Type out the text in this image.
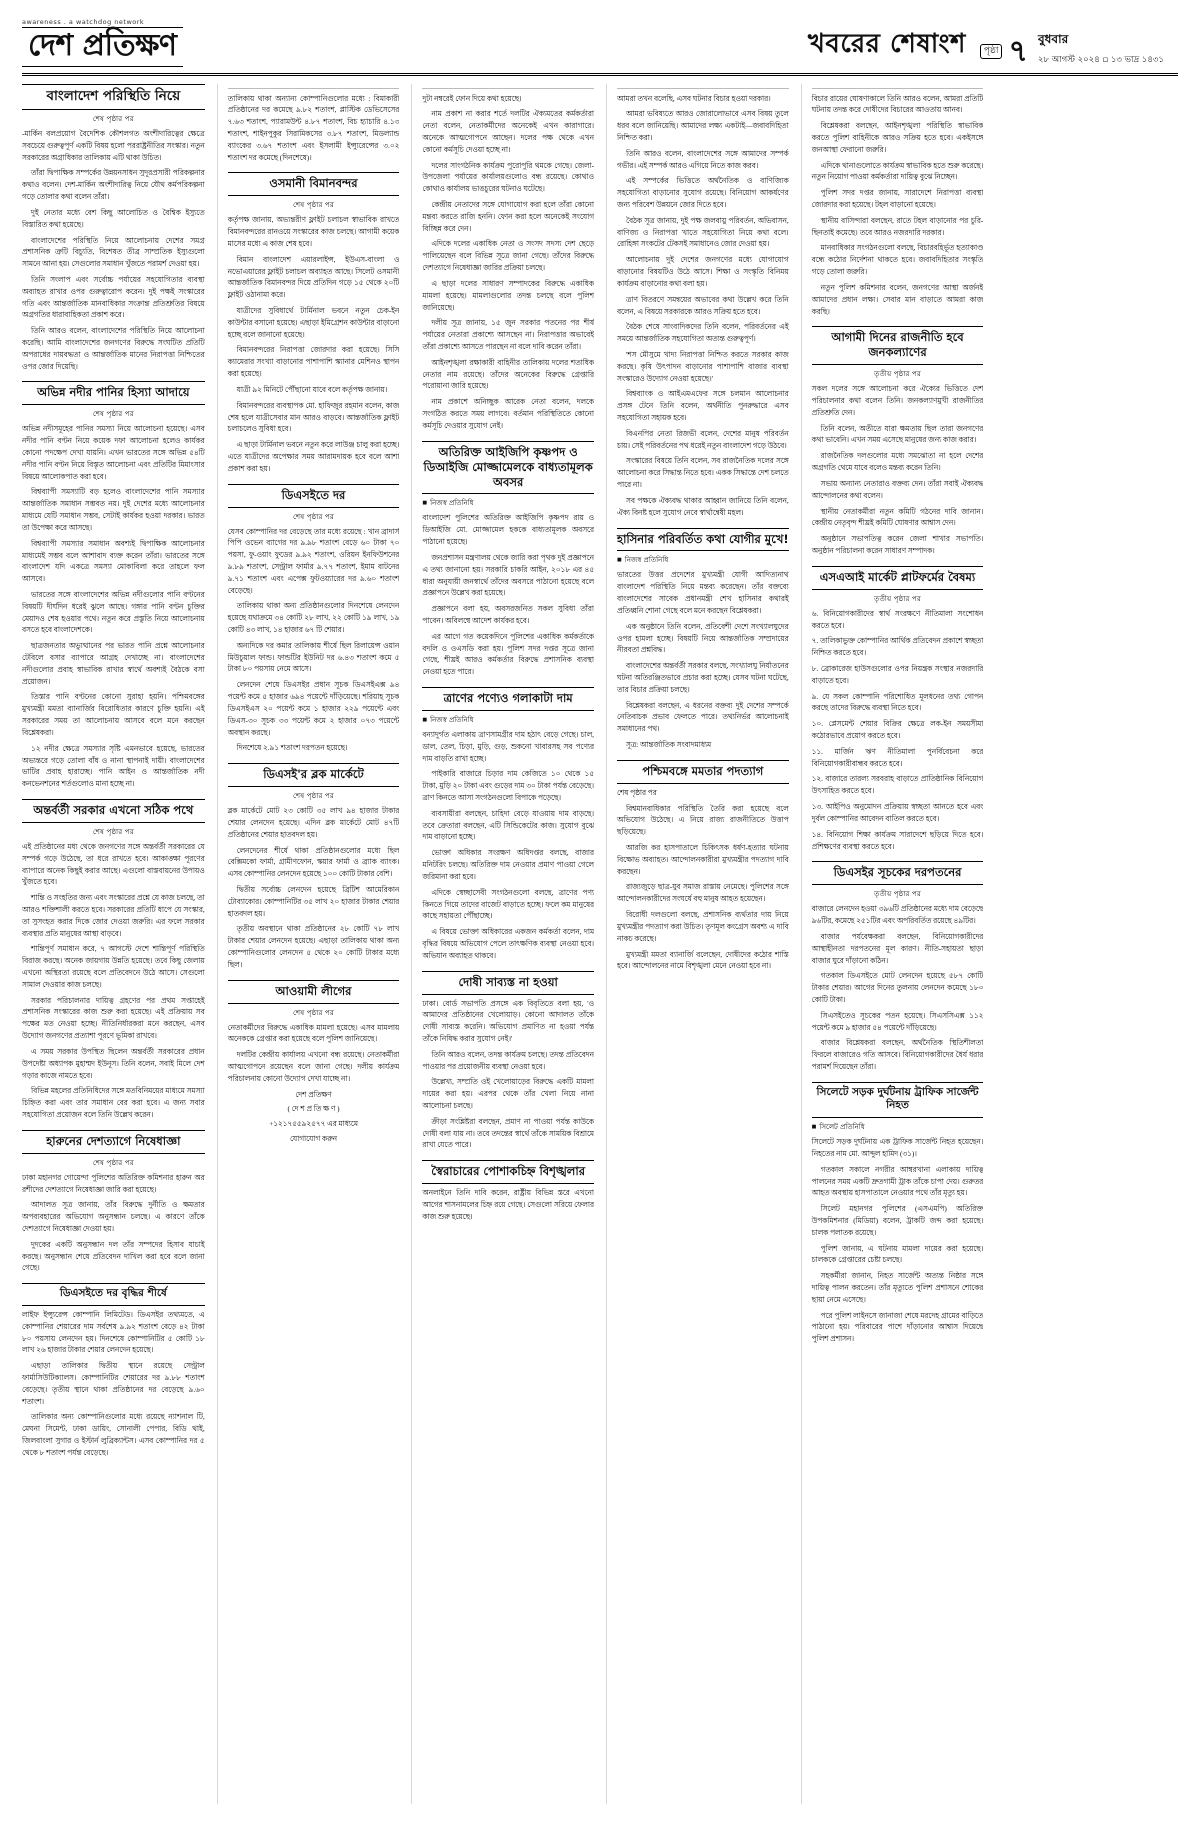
awareness . a watchdog network
দেশ প্রতিক্ষণ	খবরের শেষাংশ	পৃষ্ঠা ৭ বুধবার
২৮ আগস্ট ২০২৪ ▫ ১৩ ভাদ্র ১৪৩১
বাংলাদেশ পরিস্থিতি নিয়ে
শেষ পৃষ্ঠার পর

-মার্কিন বলপ্রয়োগ বৈদেশিক কৌশলগত অংশীদারিত্বের ক্ষেত্রে সবচেয়ে গুরুত্বপূর্ণ একটি বিষয় হলো পররাষ্ট্রনীতির সংস্কার। নতুন সরকারের অগ্রাধিকার তালিকায় এটি থাকা উচিত।

তাঁরা দ্বিপাক্ষিক সম্পর্কের উন্নয়নসাধন সুদূরপ্রসারী পরিকল্পনার কথাও বলেন। দেশ-মার্কিন অংশীদারিত্ব নিয়ে যৌথ কর্মপরিকল্পনা গড়ে তোলার কথা বলেন তাঁরা।

দুই নেতার মধ্যে বেশ কিছু আলোচিত ও বৈশ্বিক ইস্যুতে বিস্তারিত কথা হয়েছে।

বাংলাদেশের পরিস্থিতি নিয়ে আলোচনায় দেশের সমগ্র প্রশাসনিক ত্রুটি বিচ্যুতি, বিশেষত তীব্র সাম্প্রতিক ইস্যুগুলো সামনে আনা হয়। সেগুলোর সমাধান খুঁজতে পরামর্শ দেওয়া হয়।

তিনি সংলাপ এবং সর্বোচ্চ পর্যায়ের সহযোগিতার ব্যবস্থা অব্যাহত রাখার ওপর গুরুত্বারোপ করেন। দুই পক্ষই সংস্কারের গতি এবং আন্তর্জাতিক মানবাধিকার সংক্রান্ত প্রতিশ্রুতির বিষয়ে অগ্রগতির ধারাবাহিকতা প্রকাশ করে।

তিনি আরও বলেন, বাংলাদেশের পরিস্থিতি নিয়ে আলোচনা করেছি। আমি বাংলাদেশের জনগণের বিরুদ্ধে সংঘটিত প্রতিটি অপরাধের দায়বদ্ধতা ও আন্তর্জাতিক মানের নিরাপত্তা নিশ্চিতের ওপর জোর দিয়েছি।

অভিন্ন নদীর পানির হিস্যা আদায়ে
শেষ পৃষ্ঠার পর

অভিন্ন নদীসমূহের পানির সমস্যা নিয়ে আলোচনা হয়েছে। এসব নদীর পানি বণ্টন নিয়ে কয়েক দফা আলোচনা হলেও কার্যকর কোনো পদক্ষেপ দেখা যায়নি। এখন ভারতের সঙ্গে অভিন্ন ৫৪টি নদীর পানি বণ্টন নিয়ে বিস্তৃত আলোচনা এবং প্রতিটির মিমাংসার বিষয়ে আলোকপাত করা হবে।

বিশ্বব্যাপী সমস্যাটি বড় হলেও বাংলাদেশের পানি সমস্যার আন্তর্জাতিক সমাধান সম্ভবত নয়। দুই দেশের মধ্যে আলোচনার মাধ্যমে যেটি সমাধান সম্ভব, সেটাই কার্যকর হওয়া দরকার। ভারত তা উপেক্ষা করে আসছে।

বিশ্বব্যাপী সমস্যার সমাধান অবশ্যই দ্বিপাক্ষিক আলোচনার মাধ্যমেই সম্ভব বলে আশাবাদ ব্যক্ত করেন তাঁরা। ভারতের সঙ্গে বাংলাদেশ যদি একত্রে সমস্যা মোকাবিলা করে তাহলে ফল আসবে।

ভারতের সঙ্গে বাংলাদেশের অভিন্ন নদীগুলোর পানি বণ্টনের বিষয়টি দীর্ঘদিন ধরেই ঝুলে আছে। গঙ্গার পানি বণ্টন চুক্তির মেয়াদও শেষ হওয়ার পথে। নতুন করে প্রস্তুতি নিয়ে আলোচনায় বসতে হবে বাংলাদেশকে।

ছাত্রজনতার অভ্যুত্থানের পর ভারত পানি প্রশ্নে আলোচনার টেবিলে বসার ব্যাপারে আগ্রহ দেখাচ্ছে না। বাংলাদেশের নদীগুলোর প্রবাহ স্বাভাবিক রাখার স্বার্থে অবশ্যই বৈঠকে বসা প্রয়োজন।

তিস্তার পানি বণ্টনের কোনো সুরাহা হয়নি। পশ্চিমবঙ্গের মুখ্যমন্ত্রী মমতা ব্যানার্জির বিরোধিতার কারণে চুক্তি হয়নি। এই সরকারের সময় তা আলোচনায় আসবে বলে মনে করছেন বিশ্লেষকরা।

১২ নদীর ক্ষেত্রে সমস্যার সৃষ্টি এমনভাবে হয়েছে, ভারতের অভ্যন্তরে গড়ে তোলা বাঁধ ও নানা স্থাপনাই দায়ী। বাংলাদেশের ভাটির প্রবাহ হারাচ্ছে। পানি আইন ও আন্তর্জাতিক নদী কনভেনশনের শর্তগুলোও মানা হচ্ছে না।

অন্তর্বর্তী সরকার এখনো সঠিক পথে
শেষ পৃষ্ঠার পর

এই প্রতিষ্ঠানের মধ্য থেকে জনগণের সঙ্গে অন্তর্বর্তী সরকারের যে সম্পর্ক গড়ে উঠেছে, তা ধরে রাখতে হবে। আকাঙ্ক্ষা পূরণের ব্যাপারে অনেক কিছুই করার আছে। এগুলো বাস্তবায়নের উপায়ও খুঁজতে হবে।

শান্তি ও সংহতির জন্য এবং সংস্কারের প্রশ্নে যে কাজ চলছে, তা আরও শক্তিশালী করতে হবে। সরকারের প্রতিটি ধাপে যে সংস্কার, তা সুসংহত করার দিকে জোর দেওয়া জরুরি। এর ফলে সরকার ব্যবস্থার প্রতি মানুষের আস্থা বাড়বে।

শান্তিপূর্ণ সমাধান করে, ৭ আগস্টে দেশে শান্তিপূর্ণ পরিস্থিতি বিরাজ করছে। অনেক জায়গায় উন্নতি হয়েছে। তবে কিছু জেলায় এখনো অস্থিরতা রয়েছে বলে প্রতিবেদনে উঠে আসে। সেগুলো সামাল দেওয়ার কাজ চলছে।

সরকার পরিচালনার দায়িত্ব গ্রহণের পর প্রথম সপ্তাহেই প্রশাসনিক সংস্কারের কাজ শুরু করা হয়েছে। এই প্রক্রিয়ায় সব পক্ষের মত নেওয়া হচ্ছে। নীতিনির্ধারকরা মনে করছেন, এসব উদ্যোগ জনগণের প্রত্যাশা পূরণে ভূমিকা রাখবে।

এ সময় সরকার উপস্থিত ছিলেন অন্তর্বর্তী সরকারের প্রধান উপদেষ্টা অধ্যাপক মুহাম্মদ ইউনূস। তিনি বলেন, সবাই মিলে দেশ গড়ার কাজে নামতে হবে।

বিভিন্ন মহলের প্রতিনিধিদের সঙ্গে মতবিনিময়ের মাধ্যমে সমস্যা চিহ্নিত করা এবং তার সমাধান বের করা হবে। এ জন্য সবার সহযোগিতা প্রয়োজন বলে তিনি উল্লেখ করেন।

হারুনের দেশত্যাগে নিষেধাজ্ঞা
শেষ পৃষ্ঠার পর

ঢাকা মহানগর গোয়েন্দা পুলিশের অতিরিক্ত কমিশনার হারুন অর রশীদের দেশত্যাগে নিষেধাজ্ঞা জারি করা হয়েছে।

আদালত সূত্র জানায়, তাঁর বিরুদ্ধে দুর্নীতি ও ক্ষমতার অপব্যবহারের অভিযোগ অনুসন্ধান চলছে। এ কারণে তাঁকে দেশত্যাগে নিষেধাজ্ঞা দেওয়া হয়।

দুদকের একটি অনুসন্ধান দল তাঁর সম্পদের হিসাব যাচাই করছে। অনুসন্ধান শেষে প্রতিবেদন দাখিল করা হবে বলে জানা গেছে।

ডিএসইতে দর বৃদ্ধির শীর্ষে

লাইফ ইন্স্যুরেন্স কোম্পানি লিমিটেড। ডিএসইর তথ্যমতে, এ কোম্পানির শেয়ারের দাম সর্বশেষ ৯.৯২ শতাংশ বেড়ে ৪২ টাকা ৮০ পয়সায় লেনদেন হয়। দিনশেষে কোম্পানিটির ৫ কোটি ১৮ লাখ ২৬ হাজার টাকার শেয়ার লেনদেন হয়েছে।

এছাড়া তালিকার দ্বিতীয় স্থানে রয়েছে সেন্ট্রাল ফার্মাসিউটিক্যালস। কোম্পানিটির শেয়ারের দর ৯.৮৮ শতাংশ বেড়েছে। তৃতীয় স্থানে থাকা প্রতিষ্ঠানের দর বেড়েছে ৯.৬০ শতাংশ।

তালিকার অন্য কোম্পানিগুলোর মধ্যে রয়েছে ন্যাশনাল টি, মেঘনা সিমেন্ট, ঢাকা ডায়িং, সোনালী পেপার, বিডি থাই, জিলবাংলা সুগার ও ইস্টার্ন লুব্রিক্যান্টস। এসব কোম্পানির দর ৫ থেকে ৮ শতাংশ পর্যন্ত বেড়েছে।

তালিকায় থাকা অন্যান্য কোম্পানিগুলোর মধ্যে : বিমাকারী প্রতিষ্ঠানের দর কমেছে ৯.৮২ শতাংশ, প্লাস্টিক ডেভিসেসের ৭.৬৩ শতাংশ, প্যারামউন্ট ৪.৮৭ শতাংশ, বিচ হ্যাচারি ৪.১৩ শতাংশ, শাইনপুকুর সিরামিকসের ৩.৮৭ শতাংশ, মিডল্যান্ড ব্যাংকের ৩.৬৭ শতাংশ এবং ইসলামী ইন্স্যুরেন্সের ৩.০২ শতাংশ দর কমেছে (দিনশেষে)।

ওসমানী বিমানবন্দর
শেষ পৃষ্ঠার পর

কর্তৃপক্ষ জানায়, অভ্যন্তরীণ ফ্লাইট চলাচল স্বাভাবিক রাখতে বিমানবন্দরের রানওয়ে সংস্কারের কাজ চলছে। আগামী কয়েক মাসের মধ্যে এ কাজ শেষ হবে।

বিমান বাংলাদেশ এয়ারলাইন্স, ইউএস-বাংলা ও নভোএয়ারের ফ্লাইট চলাচল অব্যাহত আছে। সিলেট ওসমানী আন্তর্জাতিক বিমানবন্দর দিয়ে প্রতিদিন গড়ে ১৫ থেকে ২০টি ফ্লাইট ওঠানামা করে।

যাত্রীদের সুবিধার্থে টার্মিনাল ভবনে নতুন চেক-ইন কাউন্টার বসানো হয়েছে। এছাড়া ইমিগ্রেশন কাউন্টার বাড়ানো হচ্ছে বলে জানানো হয়েছে।

বিমানবন্দরের নিরাপত্তা জোরদার করা হয়েছে। সিসি ক্যামেরার সংখ্যা বাড়ানোর পাশাপাশি স্ক্যানার মেশিনও স্থাপন করা হয়েছে।

যাত্রী ৯২ মিনিটে পৌঁছানো যাবে বলে কর্তৃপক্ষ জানায়।

বিমানবন্দরের ব্যবস্থাপক মো. হাফিজুর রহমান বলেন, কাজ শেষ হলে যাত্রীসেবার মান আরও বাড়বে। আন্তর্জাতিক ফ্লাইট চলাচলেও সুবিধা হবে।

এ ছাড়া টার্মিনাল ভবনে নতুন করে লাউঞ্জ চালু করা হচ্ছে। এতে যাত্রীদের অপেক্ষার সময় আরামদায়ক হবে বলে আশা প্রকাশ করা হয়।

ডিএসইতে দর
শেষ পৃষ্ঠার পর

যেসব কোম্পানির দর বেড়েছে তার মধ্যে রয়েছে : খান ব্রাদার্স পিপি ওভেন ব্যাগের দর ৯.৯৮ শতাংশ বেড়ে ৬০ টাকা ৭০ পয়সা, ফু-ওয়াং ফুডের ৯.৯২ শতাংশ, ওরিয়ন ইনফিউশনের ৯.৮৯ শতাংশ, সেন্ট্রাল ফার্মার ৯.৭৭ শতাংশ, ইমাম বাটনের ৯.৭১ শতাংশ এবং এপেক্স ফুটওয়্যারের দর ৯.৬০ শতাংশ বেড়েছে।

তালিকায় থাকা অন্য প্রতিষ্ঠানগুলোর দিনশেষে লেনদেন হয়েছে যথাক্রমে ৩৪ কোটি ২৮ লাখ, ২২ কোটি ১৯ লাখ, ১৯ কোটি ৪৩ লাখ, ১৪ হাজার ৬৭ টি শেয়ার।

অন্যদিকে দর কমার তালিকায় শীর্ষে ছিল রিলায়েন্স ওয়ান মিউচুয়াল ফান্ড। ফান্ডটির ইউনিট দর ৬.৪৩ শতাংশ কমে ৫ টাকা ৮০ পয়সায় নেমে আসে।

লেনদেন শেষে ডিএসইর প্রধান সূচক ডিএসইএক্স ৯৪ পয়েন্ট কমে ৫ হাজার ৬৯৪ পয়েন্টে দাঁড়িয়েছে। শরিয়াহ সূচক ডিএসইএস ২০ পয়েন্ট কমে ১ হাজার ২২৯ পয়েন্টে এবং ডিএস-৩০ সূচক ৩৩ পয়েন্ট কমে ২ হাজার ০৭৩ পয়েন্টে অবস্থান করছে।

দিনশেষে ২.৯১ শতাংশ দরপতন হয়েছে।

ডিএসই'র ব্লক মার্কেটে
শেষ পৃষ্ঠার পর

ব্লক মার্কেটে মোট ২৩ কোটি ৩৫ লাখ ৯৪ হাজার টাকার শেয়ার লেনদেন হয়েছে। এদিন ব্লক মার্কেটে মোট ৪৭টি প্রতিষ্ঠানের শেয়ার হাতবদল হয়।

লেনদেনের শীর্ষে থাকা প্রতিষ্ঠানগুলোর মধ্যে ছিল বেক্সিমকো ফার্মা, গ্রামীণফোন, স্কয়ার ফার্মা ও ব্র্যাক ব্যাংক। এসব কোম্পানির লেনদেন হয়েছে ১০০ কোটি টাকার বেশি।

দ্বিতীয় সর্বোচ্চ লেনদেন হয়েছে ব্রিটিশ আমেরিকান টোব্যাকোর। কোম্পানিটির ৩৫ লাখ ২০ হাজার টাকার শেয়ার হাতবদল হয়।

তৃতীয় অবস্থানে থাকা প্রতিষ্ঠানের ২৮ কোটি ৭৮ লাখ টাকার শেয়ার লেনদেন হয়েছে। এছাড়া তালিকায় থাকা অন্য কোম্পানিগুলোর লেনদেন ৫ থেকে ২০ কোটি টাকার মধ্যে ছিল।

আওয়ামী লীগের
শেষ পৃষ্ঠার পর

নেতাকর্মীদের বিরুদ্ধে একাধিক মামলা হয়েছে। এসব মামলায় অনেককে গ্রেপ্তার করা হয়েছে বলে পুলিশ জানিয়েছে।

দলটির কেন্দ্রীয় কার্যালয় এখনো বন্ধ রয়েছে। নেতাকর্মীরা আত্মগোপনে রয়েছেন বলে জানা গেছে। দলীয় কার্যক্রম পরিচালনায় কোনো উদ্যোগ দেখা যাচ্ছে না।

দেশ প্রতিক্ষণ
( দে শ প্র তি ক্ষ ণ )
+১২১৭৫৫৯২৫৭৭ এর মাধ্যমে
যোগাযোগ করুন

দুটা নম্বরেই ফোন দিয়ে কথা হয়েছে।

নাম প্রকাশ না করার শর্তে দলটির ঐক্যমতের কর্মকর্তারা নেতা বলেন, নেতাকর্মীদের অনেকেই এখন কারাগারে। অনেকে আত্মগোপনে আছেন। দলের পক্ষ থেকে এখন কোনো কর্মসূচি দেওয়া হচ্ছে না।

দলের সাংগঠনিক কার্যক্রম পুরোপুরি থমকে গেছে। জেলা-উপজেলা পর্যায়ের কার্যালয়গুলোও বন্ধ রয়েছে। কোথাও কোথাও কার্যালয় ভাঙচুরের ঘটনাও ঘটেছে।

কেন্দ্রীয় নেতাদের সঙ্গে যোগাযোগ করা হলে তাঁরা কোনো মন্তব্য করতে রাজি হননি। ফোন করা হলে অনেকেই সংযোগ বিচ্ছিন্ন করে দেন।

এদিকে দলের একাধিক নেতা ও সংসদ সদস্য দেশ ছেড়ে পালিয়েছেন বলে বিভিন্ন সূত্রে জানা গেছে। তাঁদের বিরুদ্ধে দেশত্যাগে নিষেধাজ্ঞা জারির প্রক্রিয়া চলছে।

এ ছাড়া দলের সাধারণ সম্পাদকের বিরুদ্ধে একাধিক মামলা হয়েছে। মামলাগুলোর তদন্ত চলছে বলে পুলিশ জানিয়েছে।

দলীয় সূত্র জানায়, ১৫ জুন সরকার পতনের পর শীর্ষ পর্যায়ের নেতারা প্রকাশ্যে আসছেন না। নিরাপত্তার অভাবেই তাঁরা প্রকাশ্যে আসতে পারছেন না বলে দাবি করেন তাঁরা।

আইনশৃঙ্খলা রক্ষাকারী বাহিনীর তালিকায় দলের শতাধিক নেতার নাম রয়েছে। তাঁদের অনেকের বিরুদ্ধে গ্রেপ্তারি পরোয়ানা জারি হয়েছে।

নাম প্রকাশে অনিচ্ছুক আরেক নেতা বলেন, দলকে সংগঠিত করতে সময় লাগবে। বর্তমান পরিস্থিতিতে কোনো কর্মসূচি দেওয়ার সুযোগ নেই।

অতিরিক্ত আইজিপি কৃষ্ণপদ ও ডিআইজি মোজ্জামেলকে বাধ্যতামূলক অবসর
■ নিজস্ব প্রতিনিধি

বাংলাদেশ পুলিশের অতিরিক্ত আইজিপি কৃষ্ণপদ রায় ও ডিআইজি মো. মোজ্জামেল হককে বাধ্যতামূলক অবসরে পাঠানো হয়েছে।

জনপ্রশাসন মন্ত্রণালয় থেকে জারি করা পৃথক দুই প্রজ্ঞাপনে এ তথ্য জানানো হয়। সরকারি চাকরি আইন, ২০১৮ এর ৪৫ ধারা অনুযায়ী জনস্বার্থে তাঁদের অবসরে পাঠানো হয়েছে বলে প্রজ্ঞাপনে উল্লেখ করা হয়েছে।

প্রজ্ঞাপনে বলা হয়, অবসরজনিত সকল সুবিধা তাঁরা পাবেন। অবিলম্বে আদেশ কার্যকর হবে।

এর আগে গত কয়েকদিনে পুলিশের একাধিক কর্মকর্তাকে বদলি ও ওএসডি করা হয়। পুলিশ সদর দপ্তর সূত্রে জানা গেছে, শীঘ্রই আরও কর্মকর্তার বিরুদ্ধে প্রশাসনিক ব্যবস্থা নেওয়া হতে পারে।

ত্রাণের পণ্যেও গলাকাটা দাম
■ নিজস্ব প্রতিনিধি

বন্যাদুর্গত এলাকায় ত্রাণসামগ্রীর দাম হঠাৎ বেড়ে গেছে। চাল, ডাল, তেল, চিড়া, মুড়ি, গুড়, শুকনো খাবারসহ সব পণ্যের দাম বাড়তি রাখা হচ্ছে।

পাইকারি বাজারে চিড়ার দাম কেজিতে ১০ থেকে ১৫ টাকা, মুড়ি ২০ টাকা এবং গুড়ের দাম ৩০ টাকা পর্যন্ত বেড়েছে। ত্রাণ কিনতে আসা সংগঠনগুলো বিপাকে পড়েছে।

ব্যবসায়ীরা বলছেন, চাহিদা বেড়ে যাওয়ায় দাম বাড়ছে। তবে ক্রেতারা বলছেন, এটি সিন্ডিকেটের কাজ। সুযোগ বুঝে দাম বাড়ানো হচ্ছে।

ভোক্তা অধিকার সংরক্ষণ অধিদপ্তর বলছে, বাজার মনিটরিং চলছে। অতিরিক্ত দাম নেওয়ার প্রমাণ পাওয়া গেলে জরিমানা করা হবে।

এদিকে স্বেচ্ছাসেবী সংগঠনগুলো বলছে, ত্রাণের পণ্য কিনতে গিয়ে তাদের বাজেট বাড়াতে হচ্ছে। ফলে কম মানুষের কাছে সহায়তা পৌঁছাচ্ছে।

এ বিষয়ে ভোক্তা অধিকারের একজন কর্মকর্তা বলেন, দাম বৃদ্ধির বিষয়ে অভিযোগ পেলে তাৎক্ষণিক ব্যবস্থা নেওয়া হবে। অভিযান অব্যাহত থাকবে।

দোষী সাব্যস্ত না হওয়া

ঢাকা। বোর্ড সভাপতি প্রসঙ্গে এক বিবৃতিতে বলা হয়, 'ও আমাদের প্রতিষ্ঠানের খেলোয়াড়। কোনো আদালত তাঁকে দোষী সাব্যস্ত করেনি। অভিযোগ প্রমাণিত না হওয়া পর্যন্ত তাঁকে নিষিদ্ধ করার সুযোগ নেই।'

তিনি আরও বলেন, তদন্ত কার্যক্রম চলছে। তদন্ত প্রতিবেদন পাওয়ার পর প্রয়োজনীয় ব্যবস্থা নেওয়া হবে।

উল্লেখ্য, সম্প্রতি ওই খেলোয়াড়ের বিরুদ্ধে একটি মামলা দায়ের করা হয়। এরপর থেকে তাঁর খেলা নিয়ে নানা আলোচনা চলছে।

ক্রীড়া সংশ্লিষ্টরা বলছেন, প্রমাণ না পাওয়া পর্যন্ত কাউকে দোষী বলা যায় না। তবে তদন্তের স্বার্থে তাঁকে সাময়িক বিশ্রামে রাখা যেতে পারে।

স্বৈরাচারের পোশাকচিহ্ন বিশৃঙ্খলার

অনলাইনে তিনি দাবি করেন, রাষ্ট্রীয় বিভিন্ন স্তরে এখনো আগের শাসনামলের চিহ্ন রয়ে গেছে। সেগুলো সরিয়ে ফেলার কাজ শুরু হয়েছে।

আমরা তখন বলেছি, এসব ঘটনার বিচার হওয়া দরকার।

আমরা ভবিষ্যতে আরও জোরালোভাবে এসব বিষয় তুলে ধরব বলে জানিয়েছি। আমাদের লক্ষ্য একটাই—জবাবদিহিতা নিশ্চিত করা।

তিনি আরও বলেন, বাংলাদেশের সঙ্গে আমাদের সম্পর্ক গভীর। এই সম্পর্ক আরও এগিয়ে নিতে কাজ করব।

এই সম্পর্কের ভিত্তিতে অর্থনৈতিক ও বাণিজ্যিক সহযোগিতা বাড়ানোর সুযোগ রয়েছে। বিনিয়োগ আকর্ষণের জন্য পরিবেশ উন্নয়নে জোর দিতে হবে।

বৈঠক সূত্র জানায়, দুই পক্ষ জলবায়ু পরিবর্তন, অভিবাসন, বাণিজ্য ও নিরাপত্তা খাতে সহযোগিতা নিয়ে কথা বলে। রোহিঙ্গা সংকটের টেকসই সমাধানেও জোর দেওয়া হয়।

আলোচনায় দুই দেশের জনগণের মধ্যে যোগাযোগ বাড়ানোর বিষয়টিও উঠে আসে। শিক্ষা ও সংস্কৃতি বিনিময় কার্যক্রম বাড়ানোর কথা বলা হয়।

ত্রাণ বিতরণে সমন্বয়ের অভাবের কথা উল্লেখ করে তিনি বলেন, এ বিষয়ে সরকারকে আরও সক্রিয় হতে হবে।

বৈঠক শেষে সাংবাদিকদের তিনি বলেন, পরিবর্তনের এই সময়ে আন্তর্জাতিক সহযোগিতা অত্যন্ত গুরুত্বপূর্ণ।

'শস মৌসুমে খাদ্য নিরাপত্তা নিশ্চিত করতে সরকার কাজ করছে। কৃষি উৎপাদন বাড়ানোর পাশাপাশি বাজার ব্যবস্থা সংস্কারেও উদ্যোগ নেওয়া হয়েছে।'

বিশ্বব্যাংক ও আইএমএফের সঙ্গে চলমান আলোচনার প্রসঙ্গ টেনে তিনি বলেন, অর্থনীতি পুনরুদ্ধারে এসব সহযোগিতা সহায়ক হবে।

বিএনপির নেতা রিজভী বলেন, দেশের মানুষ পরিবর্তন চায়। সেই পরিবর্তনের পথ ধরেই নতুন বাংলাদেশ গড়ে উঠবে।

সংস্কারের বিষয়ে তিনি বলেন, সব রাজনৈতিক দলের সঙ্গে আলোচনা করে সিদ্ধান্ত নিতে হবে। একক সিদ্ধান্তে দেশ চলতে পারে না।

সব পক্ষকে ঐক্যবদ্ধ থাকার আহ্বান জানিয়ে তিনি বলেন, ঐক্য বিনষ্ট হলে সুযোগ নেবে স্বার্থান্বেষী মহল।

হাসিনার পরিবর্তিত কথা যোগীর মুখে!
■ নিজস্ব প্রতিনিধি

ভারতের উত্তর প্রদেশের মুখ্যমন্ত্রী যোগী আদিত্যনাথ বাংলাদেশ পরিস্থিতি নিয়ে মন্তব্য করেছেন। তাঁর বক্তব্যে বাংলাদেশের সাবেক প্রধানমন্ত্রী শেখ হাসিনার কথারই প্রতিধ্বনি শোনা গেছে বলে মনে করছেন বিশ্লেষকরা।

এক অনুষ্ঠানে তিনি বলেন, প্রতিবেশী দেশে সংখ্যালঘুদের ওপর হামলা হচ্ছে। বিষয়টি নিয়ে আন্তর্জাতিক সম্প্রদায়ের নীরবতা প্রশ্নবিদ্ধ।

বাংলাদেশের অন্তর্বর্তী সরকার বলছে, সংখ্যালঘু নির্যাতনের ঘটনা অতিরঞ্জিতভাবে প্রচার করা হচ্ছে। যেসব ঘটনা ঘটেছে, তার বিচার প্রক্রিয়া চলছে।

বিশ্লেষকরা বলছেন, এ ধরনের বক্তব্য দুই দেশের সম্পর্কে নেতিবাচক প্রভাব ফেলতে পারে। তথ্যনির্ভর আলোচনাই সমাধানের পথ।

সূত্র: আন্তর্জাতিক সংবাদমাধ্যম

পশ্চিমবঙ্গে মমতার পদত্যাগ

শেষ পৃষ্ঠার পর

বিশ্বমানবাধিকার পরিস্থিতি তৈরি করা হয়েছে বলে অভিযোগ উঠেছে। এ নিয়ে রাজ্য রাজনীতিতে উত্তাপ ছড়িয়েছে।

আরজি কর হাসপাতালে চিকিৎসক ধর্ষণ-হত্যার ঘটনায় বিক্ষোভ অব্যাহত। আন্দোলনকারীরা মুখ্যমন্ত্রীর পদত্যাগ দাবি করছেন।

রাজ্যজুড়ে ছাত্র-যুব সমাজ রাস্তায় নেমেছে। পুলিশের সঙ্গে আন্দোলনকারীদের সংঘর্ষে বহু মানুষ আহত হয়েছেন।

বিরোধী দলগুলো বলছে, প্রশাসনিক ব্যর্থতার দায় নিয়ে মুখ্যমন্ত্রীর পদত্যাগ করা উচিত। তৃণমূল কংগ্রেস অবশ্য এ দাবি নাকচ করেছে।

মুখ্যমন্ত্রী মমতা ব্যানার্জি বলেছেন, দোষীদের কঠোর শাস্তি হবে। আন্দোলনের নামে বিশৃঙ্খলা মেনে নেওয়া হবে না।

বিচার রায়ের ঘোষণাকালে তিনি আরও বলেন, আমরা প্রতিটি ঘটনায় তদন্ত করে দোষীদের বিচারের আওতায় আনব।

বিশ্লেষকরা বলছেন, আইনশৃঙ্খলা পরিস্থিতি স্বাভাবিক করতে পুলিশ বাহিনীকে আরও সক্রিয় হতে হবে। একইসঙ্গে জনআস্থা ফেরানো জরুরি।

এদিকে থানাগুলোতে কার্যক্রম স্বাভাবিক হতে শুরু করেছে। নতুন নিয়োগ পাওয়া কর্মকর্তারা দায়িত্ব বুঝে নিচ্ছেন।

পুলিশ সদর দপ্তর জানায়, সারাদেশে নিরাপত্তা ব্যবস্থা জোরদার করা হয়েছে। টহল বাড়ানো হয়েছে।

স্থানীয় বাসিন্দারা বলছেন, রাতে টহল বাড়ানোর পর চুরি-ছিনতাই কমেছে। তবে আরও নজরদারি দরকার।

মানবাধিকার সংগঠনগুলো বলছে, বিচারবহির্ভূত হত্যাকাণ্ড বন্ধে কঠোর নির্দেশনা থাকতে হবে। জবাবদিহিতার সংস্কৃতি গড়ে তোলা জরুরি।

নতুন পুলিশ কমিশনার বলেন, জনগণের আস্থা অর্জনই আমাদের প্রধান লক্ষ্য। সেবার মান বাড়াতে আমরা কাজ করছি।

আগামী দিনের রাজনীতি হবে জনকল্যাণের
তৃতীয় পৃষ্ঠার পর

সকল দলের সঙ্গে আলোচনা করে ঐক্যের ভিত্তিতে দেশ পরিচালনার কথা বলেন তিনি। জনকল্যাণমুখী রাজনীতির প্রতিশ্রুতি দেন।

তিনি বলেন, অতীতে যারা ক্ষমতায় ছিল তারা জনগণের কথা ভাবেনি। এখন সময় এসেছে মানুষের জন্য কাজ করার।

রাজনৈতিক দলগুলোর মধ্যে সমঝোতা না হলে দেশের অগ্রগতি থেমে যাবে বলেও মন্তব্য করেন তিনি।

সভায় অন্যান্য নেতারাও বক্তব্য দেন। তাঁরা সবাই ঐক্যবদ্ধ আন্দোলনের কথা বলেন।

স্থানীয় নেতাকর্মীরা নতুন কমিটি গঠনের দাবি জানান। কেন্দ্রীয় নেতৃবৃন্দ শীঘ্রই কমিটি ঘোষণার আশ্বাস দেন।

অনুষ্ঠানে সভাপতিত্ব করেন জেলা শাখার সভাপতি। অনুষ্ঠান পরিচালনা করেন সাধারণ সম্পাদক।

এসএআই মার্কেট প্লাটফর্মের বৈষম্য
তৃতীয় পৃষ্ঠার পর
৬. বিনিয়োগকারীদের স্বার্থ সংরক্ষণে নীতিমালা সংশোধন করতে হবে।
৭. তালিকাভুক্ত কোম্পানির আর্থিক প্রতিবেদন প্রকাশে স্বচ্ছতা নিশ্চিত করতে হবে।
৮. ব্রোকারেজ হাউসগুলোর ওপর নিয়ন্ত্রক সংস্থার নজরদারি বাড়াতে হবে।
৯. যে সকল কোম্পানি পরিশোধিত মূলধনের তথ্য গোপন করছে তাদের বিরুদ্ধে ব্যবস্থা নিতে হবে।
১০. প্লেসমেন্ট শেয়ার বিক্রির ক্ষেত্রে লক-ইন সময়সীমা কঠোরভাবে প্রয়োগ করতে হবে।
১১. মার্জিন ঋণ নীতিমালা পুনর্বিবেচনা করে বিনিয়োগকারীবান্ধব করতে হবে।
১২. বাজারে তারল্য সরবরাহ বাড়াতে প্রাতিষ্ঠানিক বিনিয়োগ উৎসাহিত করতে হবে।
১৩. আইপিও অনুমোদন প্রক্রিয়ায় স্বচ্ছতা আনতে হবে এবং দুর্বল কোম্পানির আবেদন বাতিল করতে হবে।
১৪. বিনিয়োগ শিক্ষা কার্যক্রম সারাদেশে ছড়িয়ে দিতে হবে। প্রশিক্ষণের ব্যবস্থা করতে হবে।
ডিএসইর সূচকের দরপতনের
তৃতীয় পৃষ্ঠার পর

বাজারে লেনদেন হওয়া ৩৯৬টি প্রতিষ্ঠানের মধ্যে দাম বেড়েছে ৯৬টির, কমেছে ২৫১টির এবং অপরিবর্তিত রয়েছে ৪৯টির।

বাজার পর্যবেক্ষকরা বলছেন, বিনিয়োগকারীদের আস্থাহীনতা দরপতনের মূল কারণ। নীতি-সহায়তা ছাড়া বাজার ঘুরে দাঁড়ানো কঠিন।

গতকাল ডিএসইতে মোট লেনদেন হয়েছে ৫৮৭ কোটি টাকার শেয়ার। আগের দিনের তুলনায় লেনদেন কমেছে ১৮০ কোটি টাকা।

সিএসইতেও সূচকের পতন হয়েছে। সিএসসিএক্স ১১২ পয়েন্ট কমে ৯ হাজার ৫৪ পয়েন্টে দাঁড়িয়েছে।

বাজার বিশ্লেষকরা বলছেন, অর্থনৈতিক স্থিতিশীলতা ফিরলে বাজারেও গতি আসবে। বিনিয়োগকারীদের ধৈর্য ধরার পরামর্শ দিয়েছেন তাঁরা।

সিলেটে সড়ক দুর্ঘটনায় ট্রাফিক সার্জেন্ট নিহত
■ সিলেট প্রতিনিধি

সিলেটে সড়ক দুর্ঘটনায় এক ট্রাফিক সার্জেন্ট নিহত হয়েছেন। নিহতের নাম মো. আব্দুল হামিদ (৩১)।

গতকাল সকালে নগরীর আম্বরখানা এলাকায় দায়িত্ব পালনের সময় একটি দ্রুতগামী ট্রাক তাঁকে চাপা দেয়। গুরুতর আহত অবস্থায় হাসপাতালে নেওয়ার পথে তাঁর মৃত্যু হয়।

সিলেট মহানগর পুলিশের (এসএমপি) অতিরিক্ত উপকমিশনার (মিডিয়া) বলেন, ট্রাকটি জব্দ করা হয়েছে। চালক পলাতক রয়েছে।

পুলিশ জানায়, এ ঘটনায় মামলা দায়ের করা হয়েছে। চালককে গ্রেপ্তারের চেষ্টা চলছে।

সহকর্মীরা জানান, নিহত সার্জেন্ট অত্যন্ত নিষ্ঠার সঙ্গে দায়িত্ব পালন করতেন। তাঁর মৃত্যুতে পুলিশ প্রশাসনে শোকের ছায়া নেমে এসেছে।

পরে পুলিশ লাইনসে জানাজা শেষে মরদেহ গ্রামের বাড়িতে পাঠানো হয়। পরিবারের পাশে দাঁড়ানোর আশ্বাস দিয়েছে পুলিশ প্রশাসন।
